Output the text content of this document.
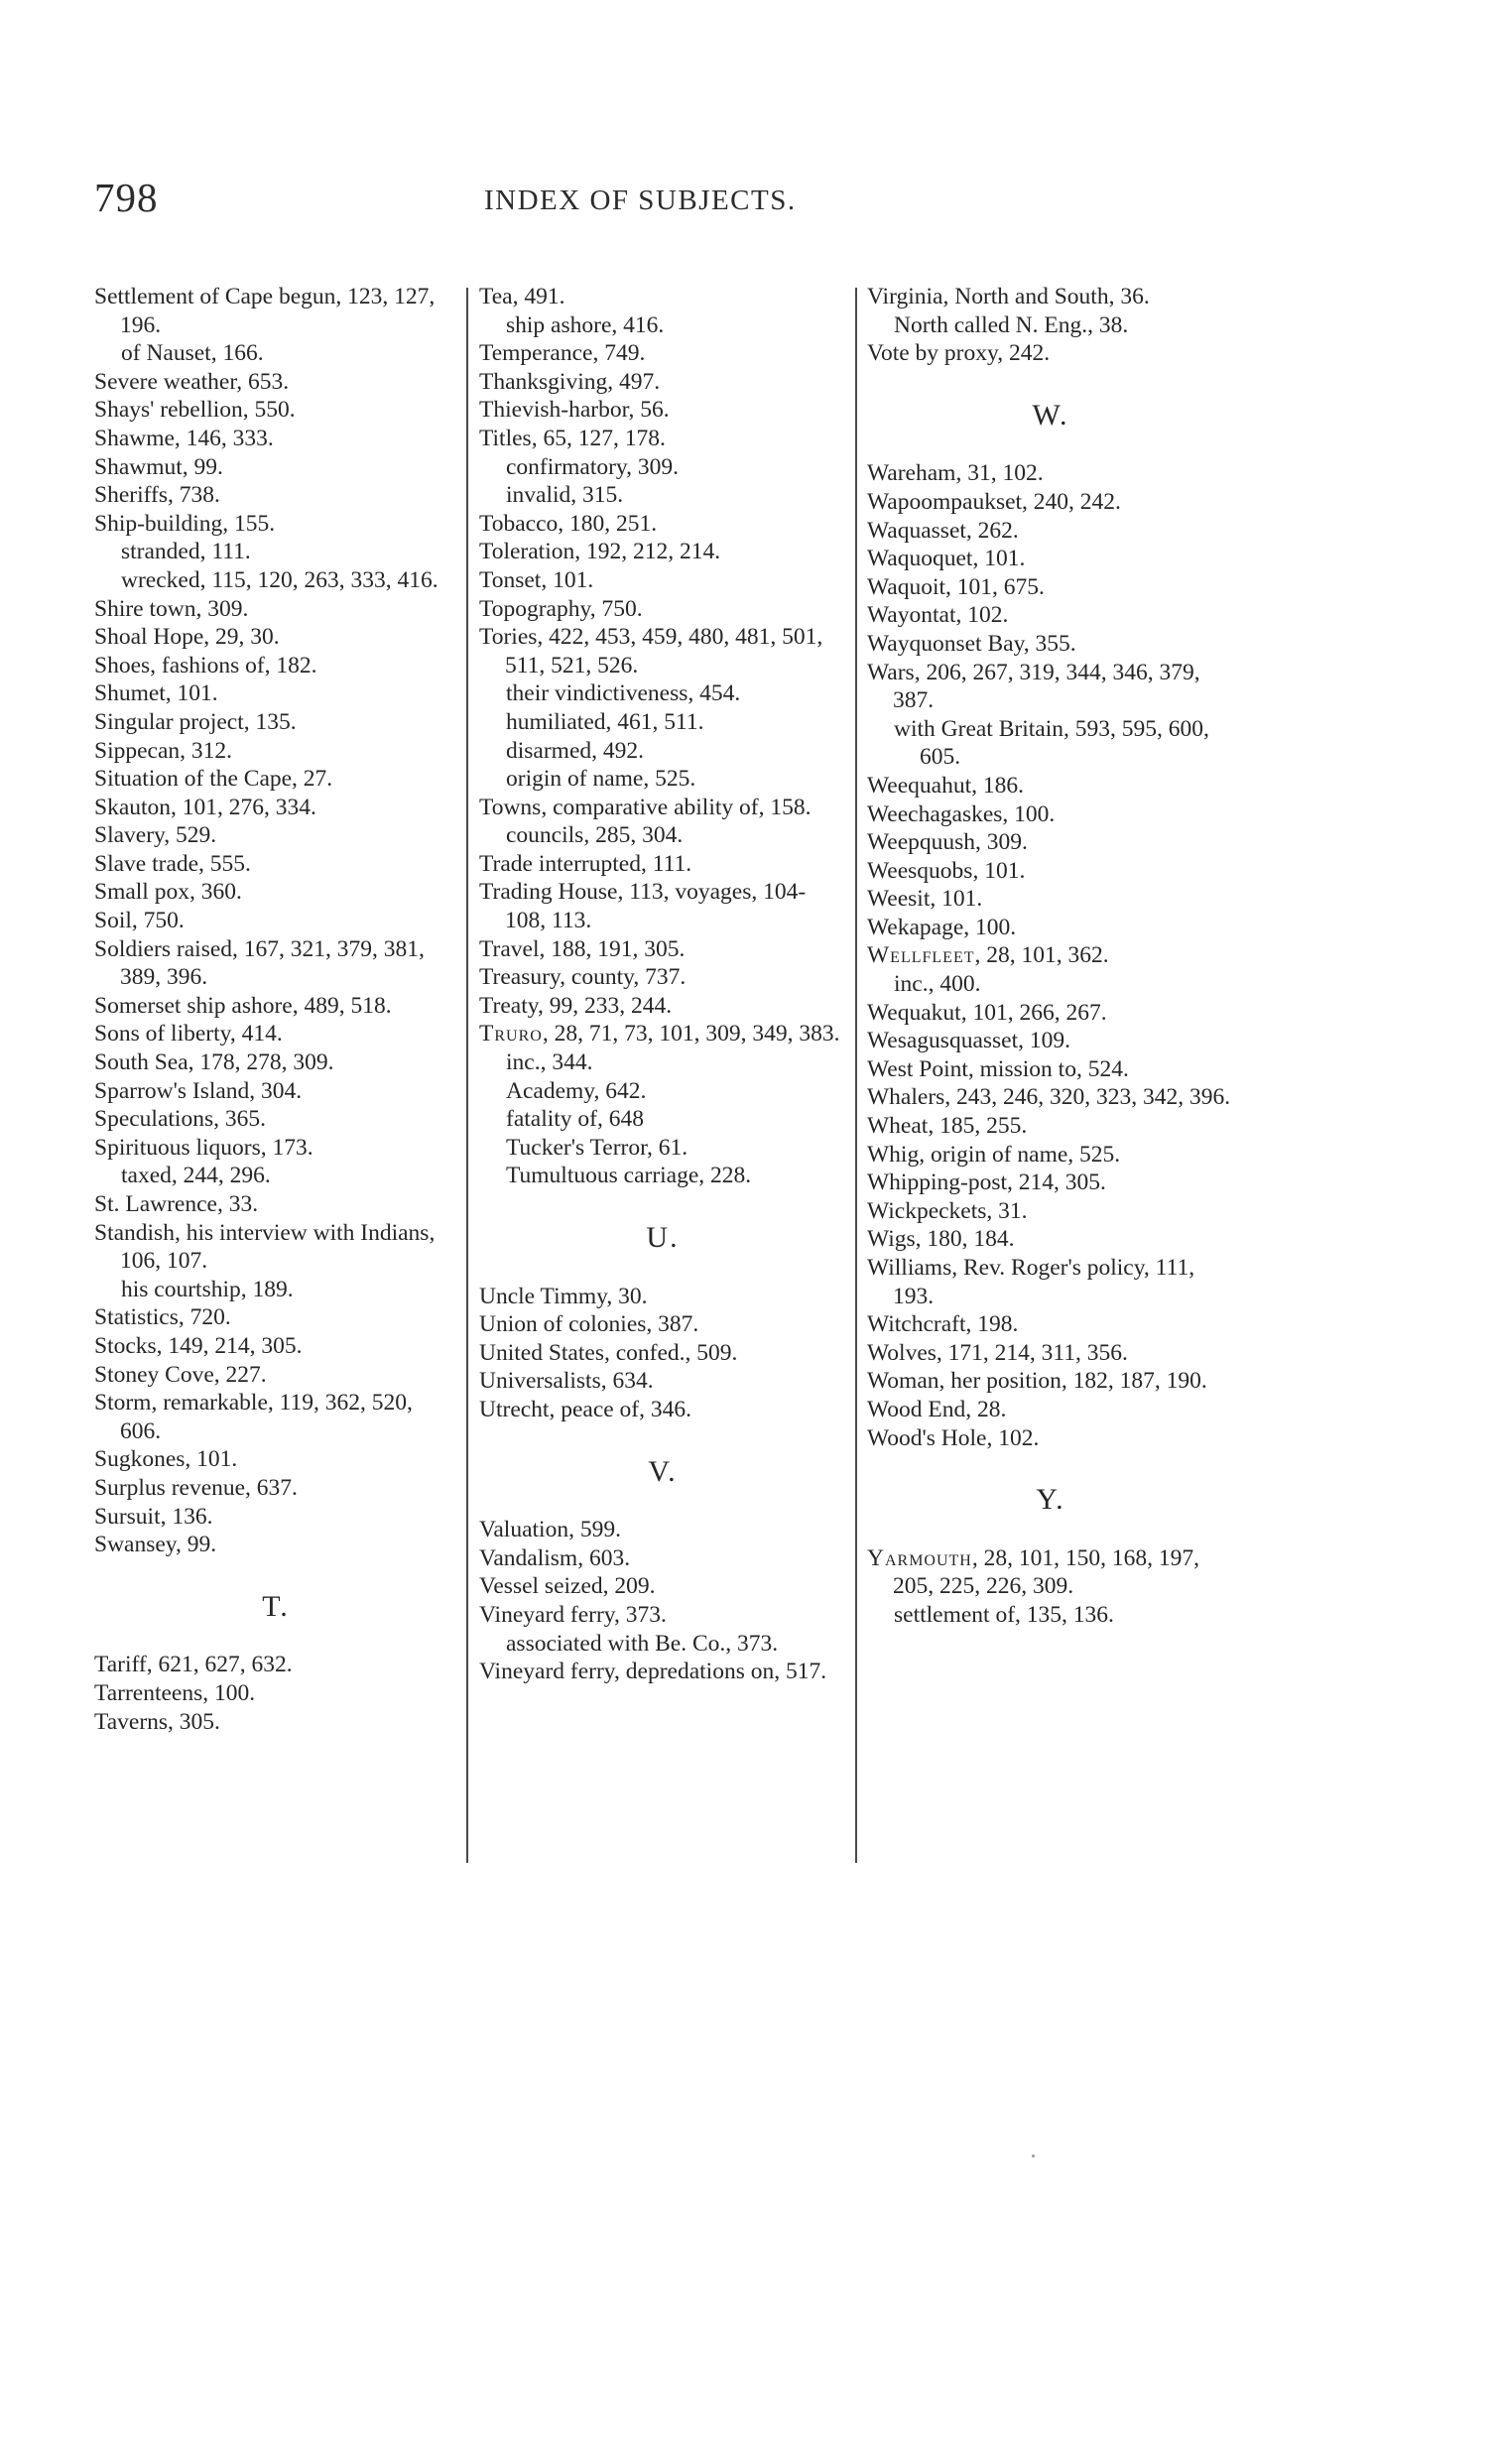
798	INDEX OF SUBJECTS.
Settlement of Cape begun, 123, 127, 196.
of Nauset, 166.
Severe weather, 653.
Shays' rebellion, 550.
Shawme, 146, 333.
Shawmut, 99.
Sheriffs, 738.
Ship-building, 155.
stranded, 111.
wrecked, 115, 120, 263, 333, 416.
Shire town, 309.
Shoal Hope, 29, 30.
Shoes, fashions of, 182.
Shumet, 101.
Singular project, 135.
Sippecan, 312.
Situation of the Cape, 27.
Skauton, 101, 276, 334.
Slavery, 529.
Slave trade, 555.
Small pox, 360.
Soil, 750.
Soldiers raised, 167, 321, 379, 381, 389, 396.
Somerset ship ashore, 489, 518.
Sons of liberty, 414.
South Sea, 178, 278, 309.
Sparrow's Island, 304.
Speculations, 365.
Spirituous liquors, 173.
taxed, 244, 296.
St. Lawrence, 33.
Standish, his interview with Indians, 106, 107.
his courtship, 189.
Statistics, 720.
Stocks, 149, 214, 305.
Stoney Cove, 227.
Storm, remarkable, 119, 362, 520, 606.
Sugkones, 101.
Surplus revenue, 637.
Sursuit, 136.
Swansey, 99.
T.
Tariff, 621, 627, 632.
Tarrenteens, 100.
Taverns, 305.
Tea, 491.
ship ashore, 416.
Temperance, 749.
Thanksgiving, 497.
Thievish-harbor, 56.
Titles, 65, 127, 178.
confirmatory, 309.
invalid, 315.
Tobacco, 180, 251.
Toleration, 192, 212, 214.
Tonset, 101.
Topography, 750.
Tories, 422, 453, 459, 480, 481, 501, 511, 521, 526.
their vindictiveness, 454.
humiliated, 461, 511.
disarmed, 492.
origin of name, 525.
Towns, comparative ability of, 158.
councils, 285, 304.
Trade interrupted, 111.
Trading House, 113, voyages, 104-108, 113.
Travel, 188, 191, 305.
Treasury, county, 737.
Treaty, 99, 233, 244.
Truro, 28, 71, 73, 101, 309, 349, 383.
inc., 344.
Academy, 642.
fatality of, 648
Tucker's Terror, 61.
Tumultuous carriage, 228.
U.
Uncle Timmy, 30.
Union of colonies, 387.
United States, confed., 509.
Universalists, 634.
Utrecht, peace of, 346.
V.
Valuation, 599.
Vandalism, 603.
Vessel seized, 209.
Vineyard ferry, 373.
associated with Be. Co., 373.
Vineyard ferry, depredations on, 517.
Virginia, North and South, 36.
North called N. Eng., 38.
Vote by proxy, 242.
W.
Wareham, 31, 102.
Wapoompaukset, 240, 242.
Waquasset, 262.
Waquoquet, 101.
Waquoit, 101, 675.
Wayontat, 102.
Wayquonset Bay, 355.
Wars, 206, 267, 319, 344, 346, 379, 387.
with Great Britain, 593, 595, 600, 605.
Weequahut, 186.
Weechagaskes, 100.
Weepquush, 309.
Weesquobs, 101.
Weesit, 101.
Wekapage, 100.
Wellfleet, 28, 101, 362.
inc., 400.
Wequakut, 101, 266, 267.
Wesagusquasset, 109.
West Point, mission to, 524.
Whalers, 243, 246, 320, 323, 342, 396.
Wheat, 185, 255.
Whig, origin of name, 525.
Whipping-post, 214, 305.
Wickpeckets, 31.
Wigs, 180, 184.
Williams, Rev. Roger's policy, 111, 193.
Witchcraft, 198.
Wolves, 171, 214, 311, 356.
Woman, her position, 182, 187, 190.
Wood End, 28.
Wood's Hole, 102.
Y.
Yarmouth, 28, 101, 150, 168, 197, 205, 225, 226, 309.
settlement of, 135, 136.
